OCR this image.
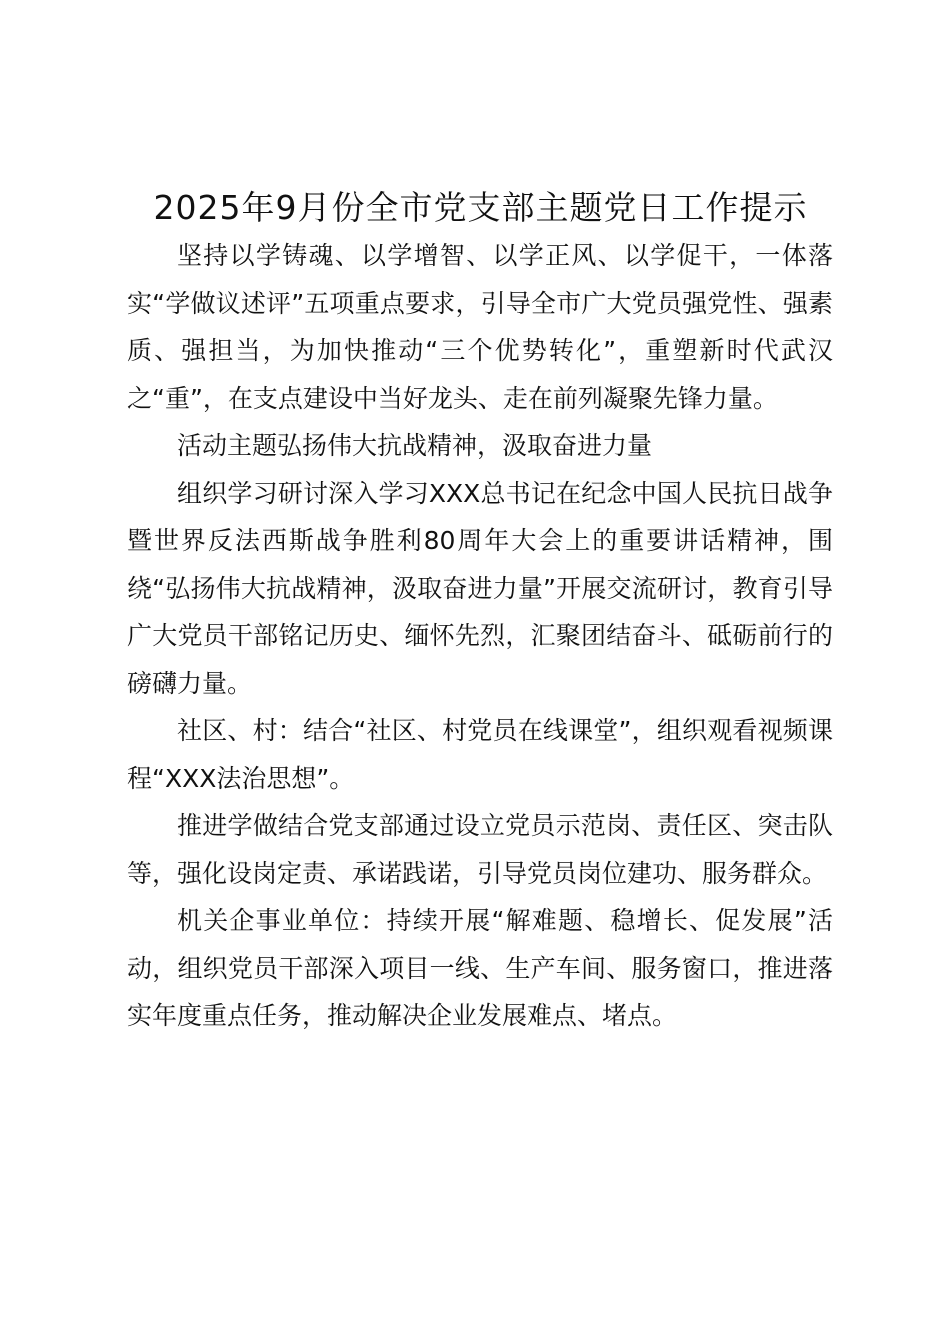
2025年9月份全市党支部主题党日工作提示

坚持以学铸魂、以学增智、以学正风、以学促干，一体落实“学做议述评”五项重点要求，引导全市广大党员强党性、强素质、强担当，为加快推动“三个优势转化”，重塑新时代武汉之“重”，在支点建设中当好龙头、走在前列凝聚先锋力量。

活动主题弘扬伟大抗战精神，汲取奋进力量

组织学习研讨深入学习XXX总书记在纪念中国人民抗日战争暨世界反法西斯战争胜利80周年大会上的重要讲话精神，围绕“弘扬伟大抗战精神，汲取奋进力量”开展交流研讨，教育引导广大党员干部铭记历史、缅怀先烈，汇聚团结奋斗、砥砺前行的磅礴力量。

社区、村：结合“社区、村党员在线课堂”，组织观看视频课程“XXX法治思想”。

推进学做结合党支部通过设立党员示范岗、责任区、突击队等，强化设岗定责、承诺践诺，引导党员岗位建功、服务群众。

机关企事业单位：持续开展“解难题、稳增长、促发展”活动，组织党员干部深入项目一线、生产车间、服务窗口，推进落实年度重点任务，推动解决企业发展难点、堵点。
